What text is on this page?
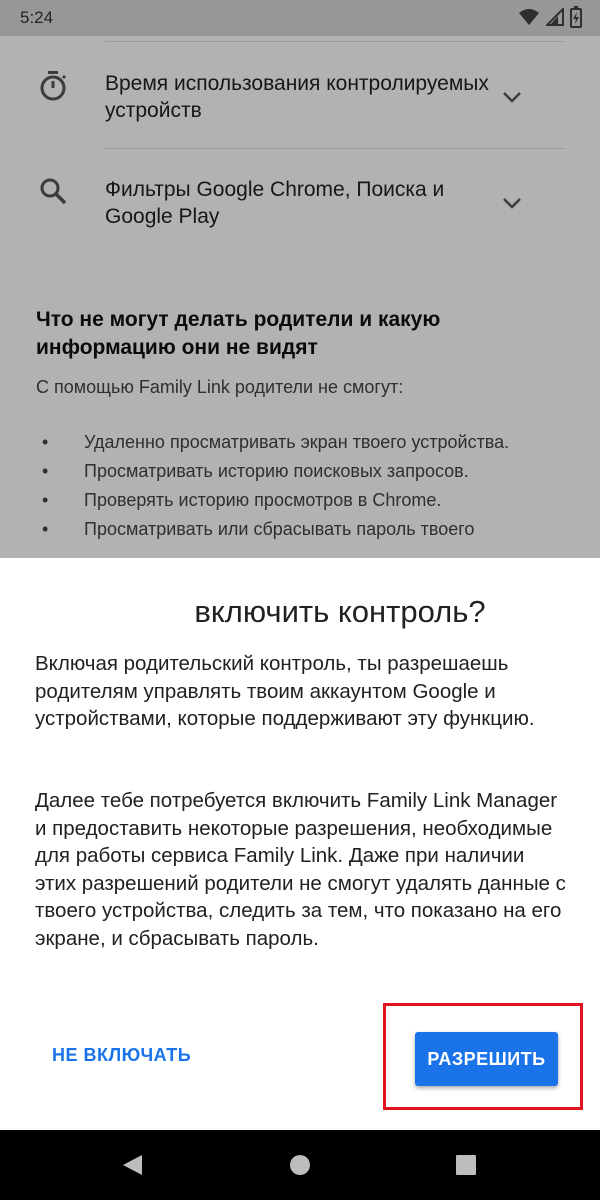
5:24
Время использования контролируемых устройств
Фильтры Google Chrome, Поиска и Google Play
Что не могут делать родители и какую информацию они не видят
С помощью Family Link родители не смогут:
• Удаленно просматривать экран твоего устройства.
• Просматривать историю поисковых запросов.
• Проверять историю просмотров в Chrome.
• Просматривать или сбрасывать пароль твоего
включить контроль?

Включая родительский контроль, ты разрешаешь родителям управлять твоим аккаунтом Google и устройствами, которые поддерживают эту функцию.

Далее тебе потребуется включить Family Link Manager и предоставить некоторые разрешения, необходимые для работы сервиса Family Link. Даже при наличии этих разрешений родители не смогут удалять данные с твоего устройства, следить за тем, что показано на его экране, и сбрасывать пароль.

НЕ ВКЛЮЧАТЬ	РАЗРЕШИТЬ
